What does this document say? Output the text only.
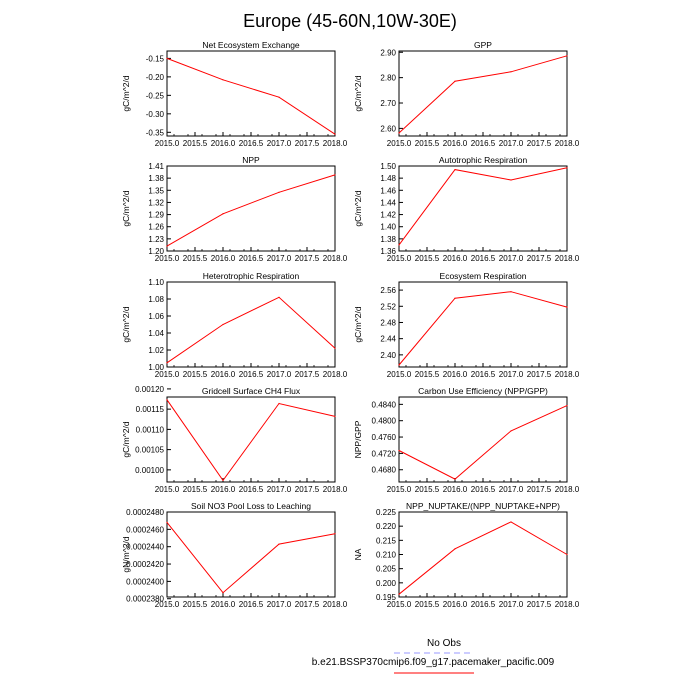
Europe (45-60N,10W-30E)
Net Ecosystem Exchange
gC/m^2/d
2015.0 2015.5 2016.0 2016.5 2017.0 2017.5 2018.0
-0.15
-0.20
-0.25
-0.30
-0.35
GPP
gC/m^2/d
2015.0 2015.5 2016.0 2016.5 2017.0 2017.5 2018.0
2.60
2.70
2.80
2.90
NPP
gC/m^2/d
2015.0 2015.5 2016.0 2016.5 2017.0 2017.5 2018.0
1.20
1.23
1.26
1.29
1.32
1.35
1.38
1.41
Autotrophic Respiration
gC/m^2/d
2015.0 2015.5 2016.0 2016.5 2017.0 2017.5 2018.0
1.36
1.38
1.40
1.42
1.44
1.46
1.48
1.50
Heterotrophic Respiration
gC/m^2/d
2015.0 2015.5 2016.0 2016.5 2017.0 2017.5 2018.0
1.00
1.02
1.04
1.06
1.08
1.10
Ecosystem Respiration
gC/m^2/d
2015.0 2015.5 2016.0 2016.5 2017.0 2017.5 2018.0
2.40
2.44
2.48
2.52
2.56
Gridcell Surface CH4 Flux
gC/m^2/d
2015.0 2015.5 2016.0 2016.5 2017.0 2017.5 2018.0
0.00100
0.00105
0.00110
0.00115
0.00120	Carbon Use Efficiency (NPP/GPP)
NPP/GPP
2015.0 2015.5 2016.0 2016.5 2017.0 2017.5 2018.0
0.4680
0.4720
0.4760
0.4800
0.4840
Soil NO3 Pool Loss to Leaching
gN/m^2/d
2015.0 2015.5 2016.0 2016.5 2017.0 2017.5 2018.0
0.0002380
0.0002400
0.0002420
0.0002440
0.0002460
0.0002480
NPP_NUPTAKE/(NPP_NUPTAKE+NPP)
NA
2015.0 2015.5 2016.0 2016.5 2017.0 2017.5 2018.0
0.195
0.200
0.205
0.210
0.215
0.220
0.225
No Obs
b.e21.BSSP370cmip6.f09_g17.pacemaker_pacific.009
